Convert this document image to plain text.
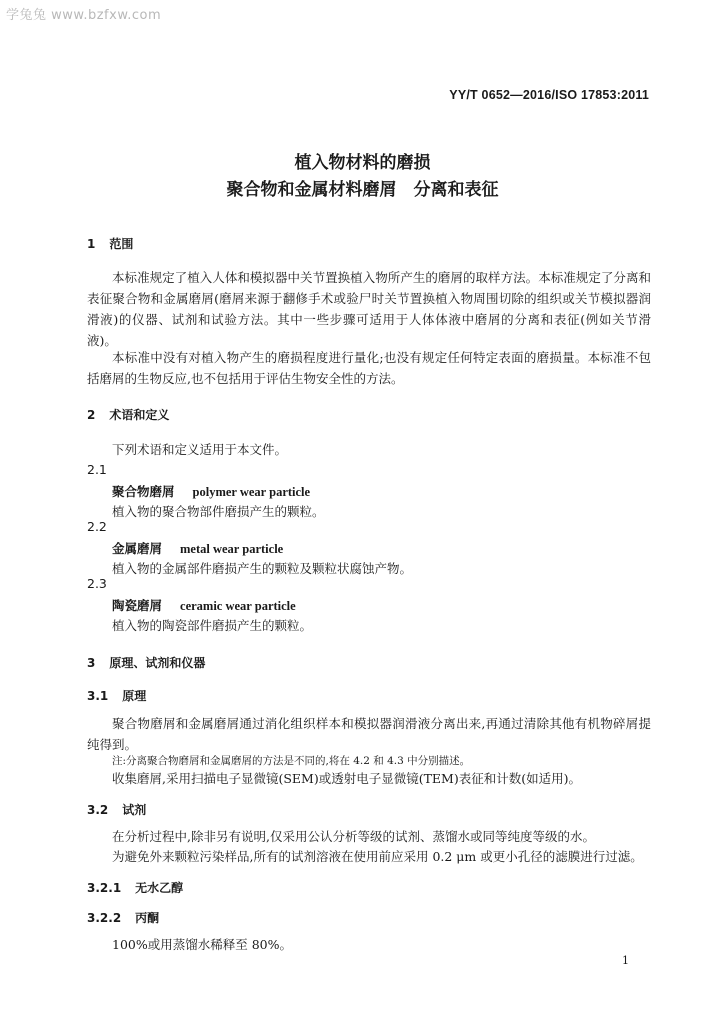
学兔兔 www.bzfxw.com
YY/T 0652—2016/ISO 17853:2011
植入物材料的磨损
聚合物和金属材料磨屑　分离和表征
1 范围
本标准规定了植入人体和模拟器中关节置换植入物所产生的磨屑的取样方法。本标准规定了分离和表征聚合物和金属磨屑(磨屑来源于翻修手术或验尸时关节置换植入物周围切除的组织或关节模拟器润滑液)的仪器、试剂和试验方法。其中一些步骤可适用于人体体液中磨屑的分离和表征(例如关节滑液)。
本标准中没有对植入物产生的磨损程度进行量化;也没有规定任何特定表面的磨损量。本标准不包括磨屑的生物反应,也不包括用于评估生物安全性的方法。
2 术语和定义
下列术语和定义适用于本文件。
2.1
聚合物磨屑 polymer wear particle
植入物的聚合物部件磨损产生的颗粒。
2.2
金属磨屑 metal wear particle
植入物的金属部件磨损产生的颗粒及颗粒状腐蚀产物。
2.3
陶瓷磨屑 ceramic wear particle
植入物的陶瓷部件磨损产生的颗粒。
3 原理、试剂和仪器
3.1 原理
聚合物磨屑和金属磨屑通过消化组织样本和模拟器润滑液分离出来,再通过清除其他有机物碎屑提纯得到。
注:分离聚合物磨屑和金属磨屑的方法是不同的,将在 4.2 和 4.3 中分别描述。
收集磨屑,采用扫描电子显微镜(SEM)或透射电子显微镜(TEM)表征和计数(如适用)。
3.2 试剂
在分析过程中,除非另有说明,仅采用公认分析等级的试剂、蒸馏水或同等纯度等级的水。
为避免外来颗粒污染样品,所有的试剂溶液在使用前应采用 0.2 μm 或更小孔径的滤膜进行过滤。
3.2.1 无水乙醇
3.2.2 丙酮
100%或用蒸馏水稀释至 80%。
1
